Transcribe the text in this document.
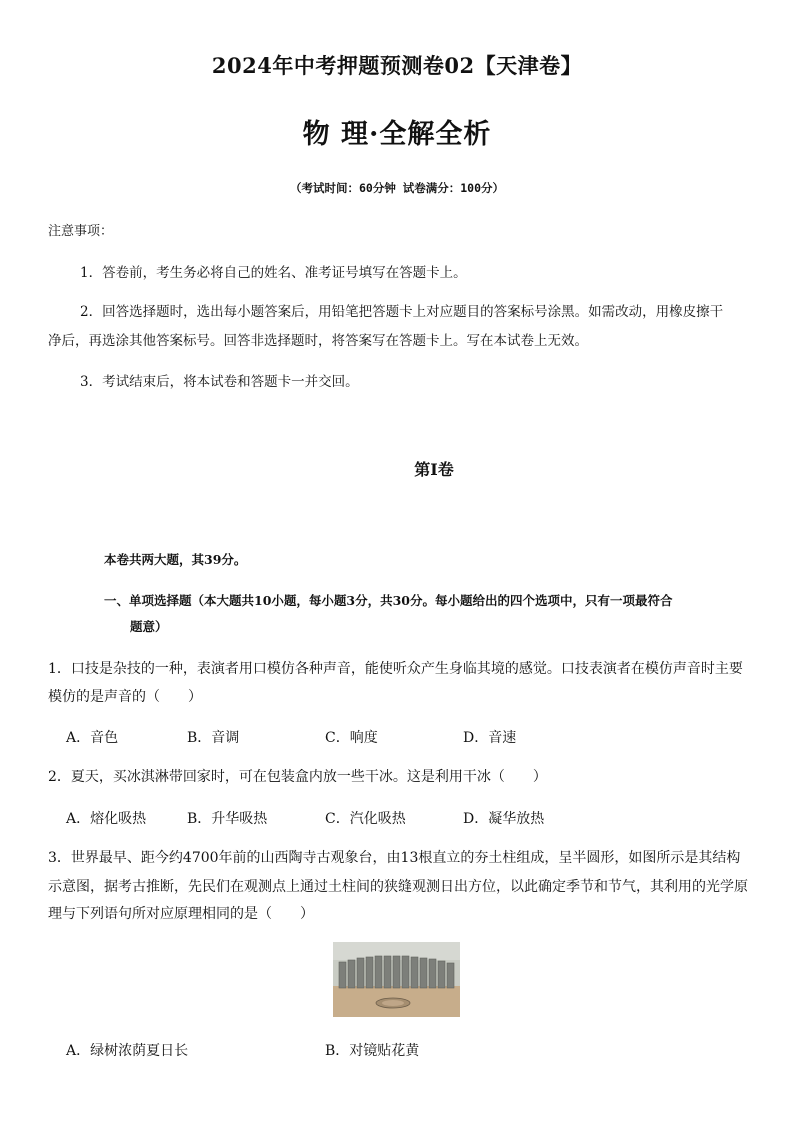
2024年中考押题预测卷02【天津卷】
物 理·全解全析
（考试时间：60分钟 试卷满分：100分）
注意事项：
1．答卷前，考生务必将自己的姓名、准考证号填写在答题卡上。
2．回答选择题时，选出每小题答案后，用铅笔把答题卡上对应题目的答案标号涂黑。如需改动，用橡皮擦干
净后，再选涂其他答案标号。回答非选择题时，将答案写在答题卡上。写在本试卷上无效。
3．考试结束后，将本试卷和答题卡一并交回。
第Ⅰ卷
本卷共两大题，其39分。
一、单项选择题（本大题共10小题，每小题3分，共30分。每小题给出的四个选项中，只有一项最符合
题意）
1．口技是杂技的一种，表演者用口模仿各种声音，能使听众产生身临其境的感觉。口技表演者在模仿声音时主要
模仿的是声音的（　　）
A．音色	B．音调	C．响度	D．音速
2．夏天，买冰淇淋带回家时，可在包装盒内放一些干冰。这是利用干冰（　　）
A．熔化吸热	B．升华吸热	C．汽化吸热	D．凝华放热
3．世界最早、距今约4700年前的山西陶寺古观象台，由13根直立的夯土柱组成，呈半圆形，如图所示是其结构
示意图，据考古推断，先民们在观测点上通过土柱间的狭缝观测日出方位，以此确定季节和节气，其利用的光学原
理与下列语句所对应原理相同的是（　　）
A．绿树浓荫夏日长	B．对镜贴花黄
